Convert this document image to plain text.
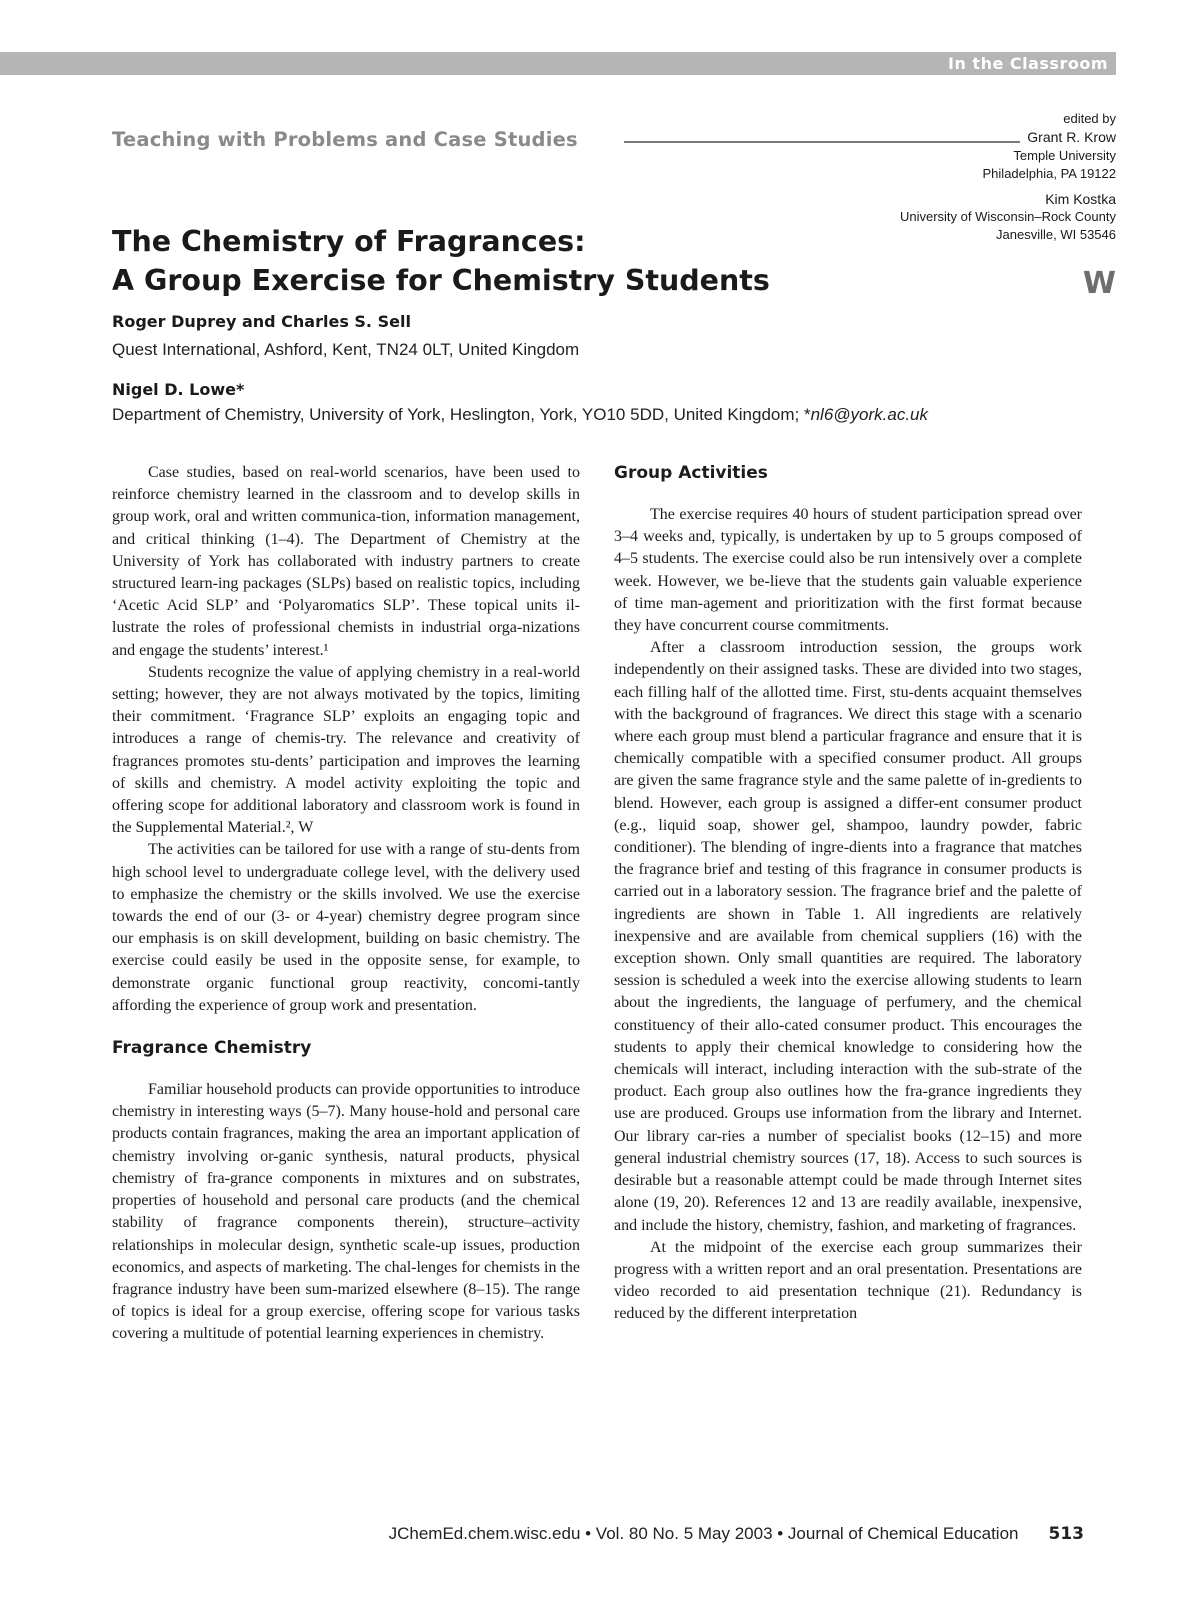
In the Classroom
edited by
Grant R. Krow
Temple University
Philadelphia, PA 19122
Kim Kostka
University of Wisconsin–Rock County
Janesville, WI 53546
Teaching with Problems and Case Studies
The Chemistry of Fragrances:
A Group Exercise for Chemistry Students	W
Roger Duprey and Charles S. Sell
Quest International, Ashford, Kent, TN24 0LT, United Kingdom
Nigel D. Lowe*
Department of Chemistry, University of York, Heslington, York, YO10 5DD, United Kingdom; *nl6@york.ac.uk

Case studies, based on real-world scenarios, have been used to reinforce chemistry learned in the classroom and to develop skills in group work, oral and written communica-tion, information management, and critical thinking (1–4). The Department of Chemistry at the University of York has collaborated with industry partners to create structured learn-ing packages (SLPs) based on realistic topics, including ‘Acetic Acid SLP’ and ‘Polyaromatics SLP’. These topical units il-lustrate the roles of professional chemists in industrial orga-nizations and engage the students’ interest.¹

Students recognize the value of applying chemistry in a real-world setting; however, they are not always motivated by the topics, limiting their commitment. ‘Fragrance SLP’ exploits an engaging topic and introduces a range of chemis-try. The relevance and creativity of fragrances promotes stu-dents’ participation and improves the learning of skills and chemistry. A model activity exploiting the topic and offering scope for additional laboratory and classroom work is found in the Supplemental Material.², W

The activities can be tailored for use with a range of stu-dents from high school level to undergraduate college level, with the delivery used to emphasize the chemistry or the skills involved. We use the exercise towards the end of our (3- or 4-year) chemistry degree program since our emphasis is on skill development, building on basic chemistry. The exercise could easily be used in the opposite sense, for example, to demonstrate organic functional group reactivity, concomi-tantly affording the experience of group work and presentation.

Fragrance Chemistry

Familiar household products can provide opportunities to introduce chemistry in interesting ways (5–7). Many house-hold and personal care products contain fragrances, making the area an important application of chemistry involving or-ganic synthesis, natural products, physical chemistry of fra-grance components in mixtures and on substrates, properties of household and personal care products (and the chemical stability of fragrance components therein), structure–activity relationships in molecular design, synthetic scale-up issues, production economics, and aspects of marketing. The chal-lenges for chemists in the fragrance industry have been sum-marized elsewhere (8–15). The range of topics is ideal for a group exercise, offering scope for various tasks covering a multitude of potential learning experiences in chemistry.

Group Activities

The exercise requires 40 hours of student participation spread over 3–4 weeks and, typically, is undertaken by up to 5 groups composed of 4–5 students. The exercise could also be run intensively over a complete week. However, we be-lieve that the students gain valuable experience of time man-agement and prioritization with the first format because they have concurrent course commitments.

After a classroom introduction session, the groups work independently on their assigned tasks. These are divided into two stages, each filling half of the allotted time. First, stu-dents acquaint themselves with the background of fragrances. We direct this stage with a scenario where each group must blend a particular fragrance and ensure that it is chemically compatible with a specified consumer product. All groups are given the same fragrance style and the same palette of in-gredients to blend. However, each group is assigned a differ-ent consumer product (e.g., liquid soap, shower gel, shampoo, laundry powder, fabric conditioner). The blending of ingre-dients into a fragrance that matches the fragrance brief and testing of this fragrance in consumer products is carried out in a laboratory session. The fragrance brief and the palette of ingredients are shown in Table 1. All ingredients are relatively inexpensive and are available from chemical suppliers (16) with the exception shown. Only small quantities are required. The laboratory session is scheduled a week into the exercise allowing students to learn about the ingredients, the language of perfumery, and the chemical constituency of their allo-cated consumer product. This encourages the students to apply their chemical knowledge to considering how the chemicals will interact, including interaction with the sub-strate of the product. Each group also outlines how the fra-grance ingredients they use are produced. Groups use information from the library and Internet. Our library car-ries a number of specialist books (12–15) and more general industrial chemistry sources (17, 18). Access to such sources is desirable but a reasonable attempt could be made through Internet sites alone (19, 20). References 12 and 13 are readily available, inexpensive, and include the history, chemistry, fashion, and marketing of fragrances.

At the midpoint of the exercise each group summarizes their progress with a written report and an oral presentation. Presentations are video recorded to aid presentation technique (21). Redundancy is reduced by the different interpretation

JChemEd.chem.wisc.edu • Vol. 80 No. 5 May 2003 • Journal of Chemical Education 513
